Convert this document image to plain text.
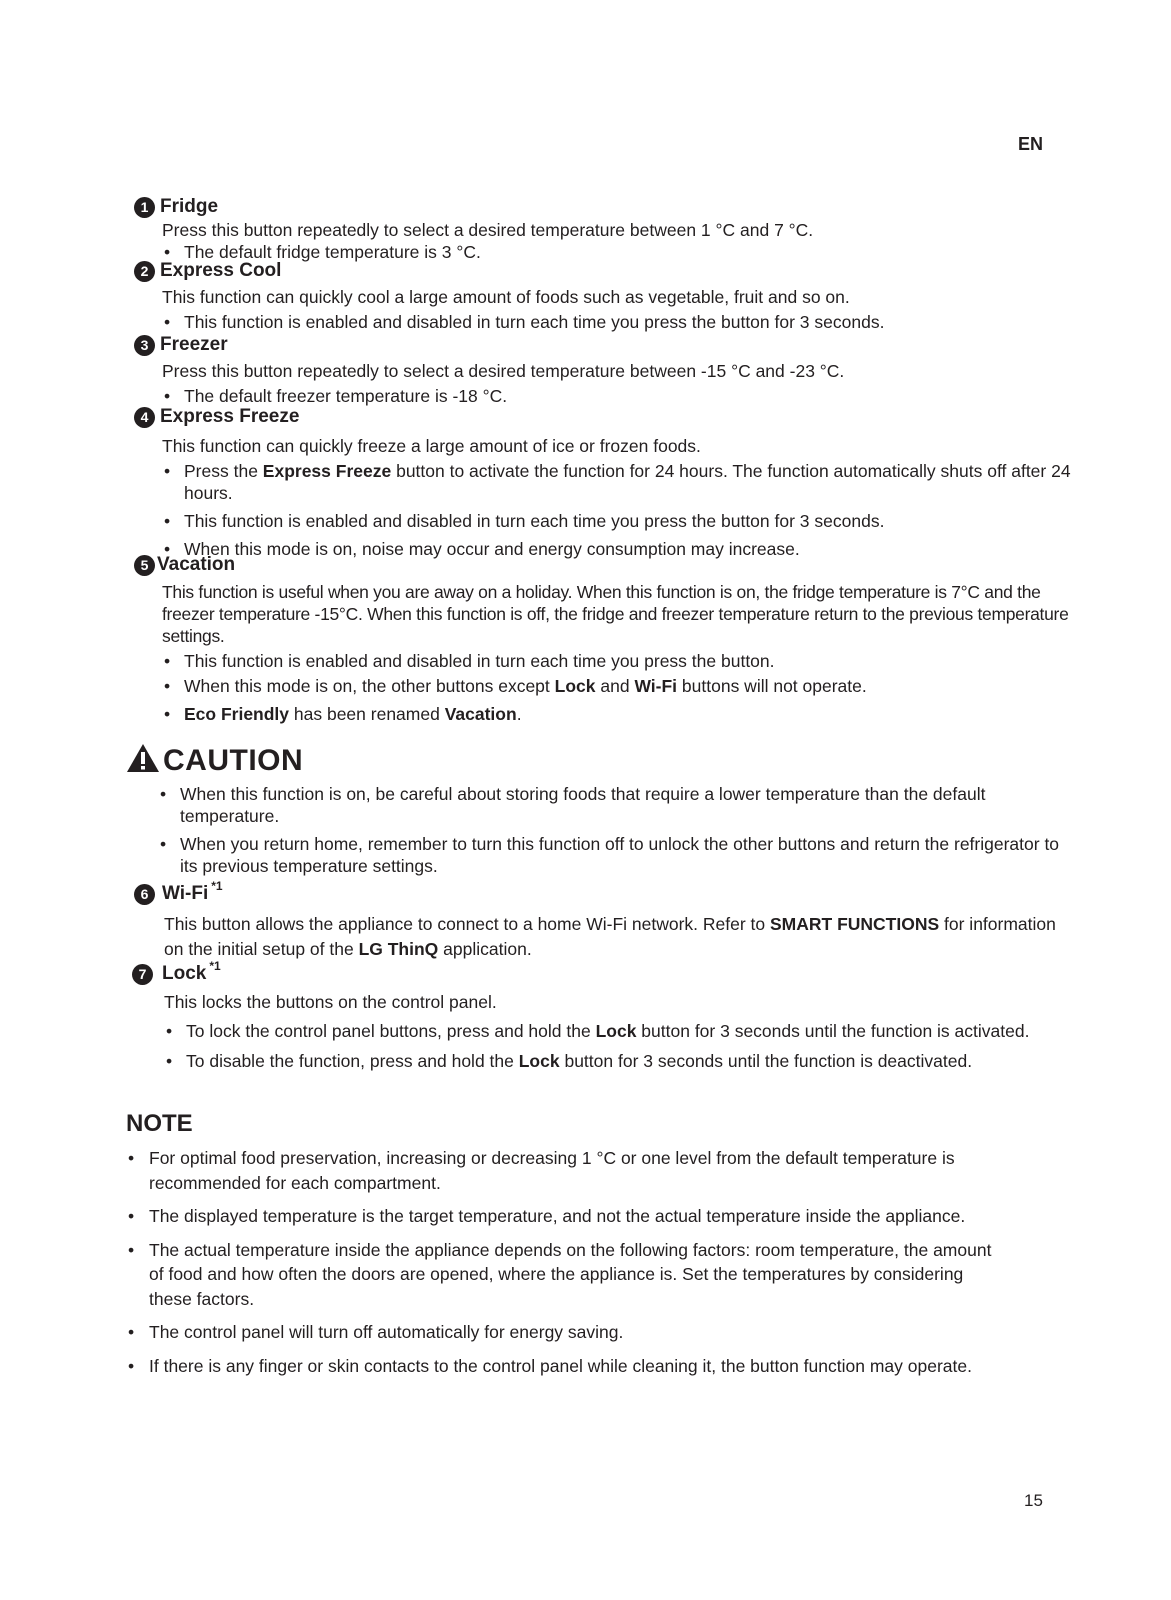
EN
1 Fridge
Press this button repeatedly to select a desired temperature between 1 °C and 7 °C.
• The default fridge temperature is 3 °C.
2 Express Cool
This function can quickly cool a large amount of foods such as vegetable, fruit and so on.
• This function is enabled and disabled in turn each time you press the button for 3 seconds.
3 Freezer
Press this button repeatedly to select a desired temperature between -15 °C and -23 °C.
• The default freezer temperature is -18 °C.
4 Express Freeze
This function can quickly freeze a large amount of ice or frozen foods.
• Press the Express Freeze button to activate the function for 24 hours. The function automatically shuts off after 24 hours.
• This function is enabled and disabled in turn each time you press the button for 3 seconds.
• When this mode is on, noise may occur and energy consumption may increase.
5 Vacation
This function is useful when you are away on a holiday. When this function is on, the fridge temperature is 7°C and the freezer temperature -15°C. When this function is off, the fridge and freezer temperature return to the previous temperature settings.
• This function is enabled and disabled in turn each time you press the button.
• When this mode is on, the other buttons except Lock and Wi-Fi buttons will not operate.
• Eco Friendly has been renamed Vacation.
CAUTION
• When this function is on, be careful about storing foods that require a lower temperature than the default temperature.
• When you return home, remember to turn this function off to unlock the other buttons and return the refrigerator to its previous temperature settings.
6 Wi-Fi *1
This button allows the appliance to connect to a home Wi-Fi network. Refer to SMART FUNCTIONS for information on the initial setup of the LG ThinQ application.
7 Lock *1
This locks the buttons on the control panel.
• To lock the control panel buttons, press and hold the Lock button for 3 seconds until the function is activated.
• To disable the function, press and hold the Lock button for 3 seconds until the function is deactivated.
NOTE
• For optimal food preservation, increasing or decreasing 1 °C or one level from the default temperature is recommended for each compartment.
• The displayed temperature is the target temperature, and not the actual temperature inside the appliance.
• The actual temperature inside the appliance depends on the following factors: room temperature, the amount of food and how often the doors are opened, where the appliance is. Set the temperatures by considering these factors.
• The control panel will turn off automatically for energy saving.
• If there is any finger or skin contacts to the control panel while cleaning it, the button function may operate.
15
